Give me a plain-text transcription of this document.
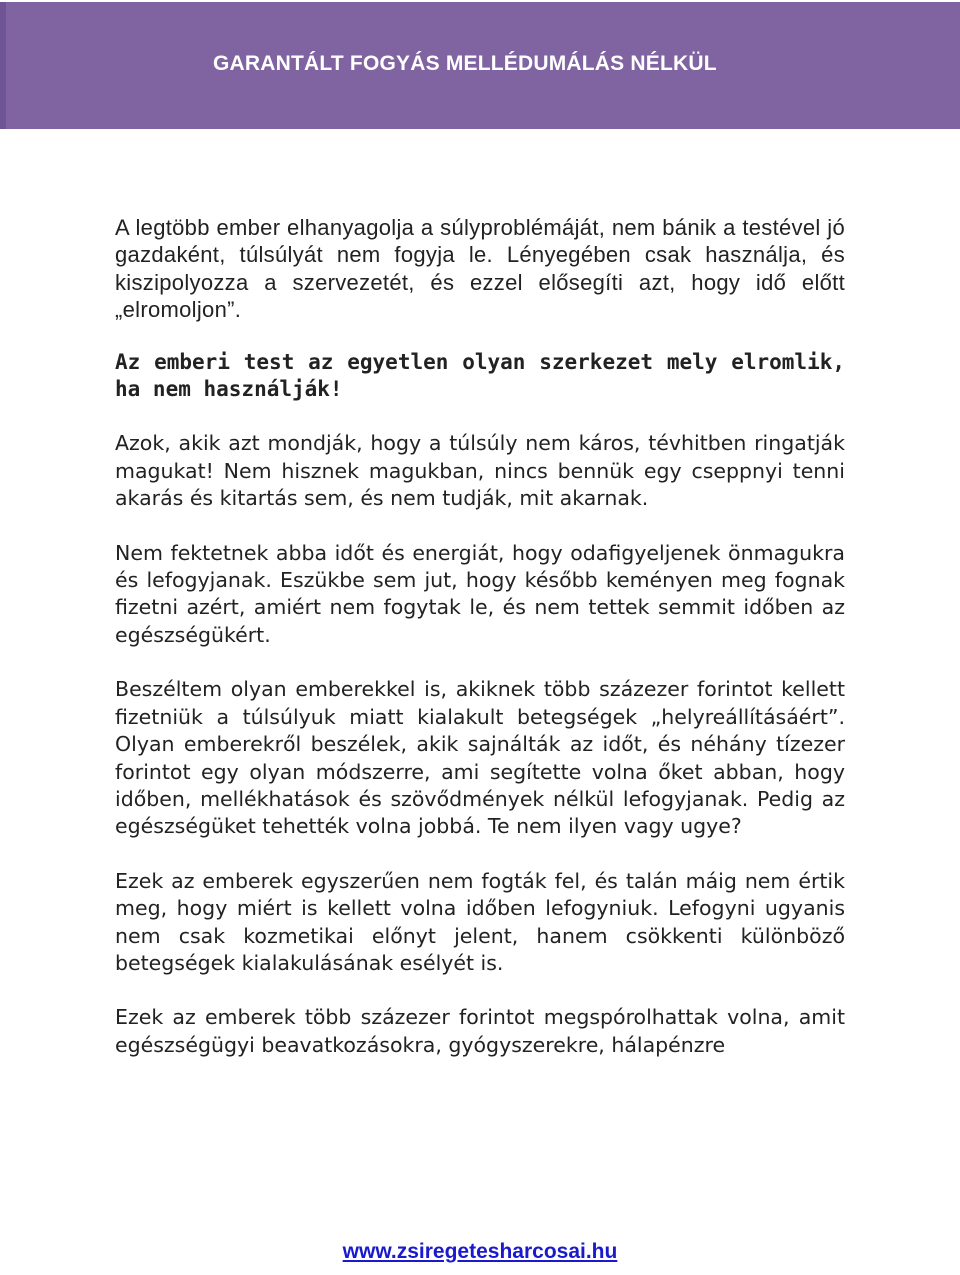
GARANTÁLT FOGYÁS MELLÉDUMÁLÁS NÉLKÜL

A legtöbb ember elhanyagolja a súlyproblémáját, nem bánik a testével jó gazdaként, túlsúlyát nem fogyja le. Lényegében csak használja, és kiszipolyozza a szervezetét, és ezzel elősegíti azt, hogy idő előtt „elromoljon”.

Az emberi test az egyetlen olyan szerkezet mely elromlik, ha nem használják!

Azok, akik azt mondják, hogy a túlsúly nem káros, tévhitben ringatják magukat! Nem hisznek magukban, nincs bennük egy cseppnyi tenni akarás és kitartás sem, és nem tudják, mit akarnak.

Nem fektetnek abba időt és energiát, hogy odafigyeljenek önmagukra és lefogyjanak. Eszükbe sem jut, hogy később keményen meg fognak fizetni azért, amiért nem fogytak le, és nem tettek semmit időben az egészségükért.

Beszéltem olyan emberekkel is, akiknek több százezer forintot kellett fizetniük a túlsúlyuk miatt kialakult betegségek „helyreállításáért”. Olyan emberekről beszélek, akik sajnálták az időt, és néhány tízezer forintot egy olyan módszerre, ami segítette volna őket abban, hogy időben, mellékhatások és szövődmények nélkül lefogyjanak. Pedig az egészségüket tehették volna jobbá. Te nem ilyen vagy ugye?

Ezek az emberek egyszerűen nem fogták fel, és talán máig nem értik meg, hogy miért is kellett volna időben lefogyniuk. Lefogyni ugyanis nem csak kozmetikai előnyt jelent, hanem csökkenti különböző betegségek kialakulásának esélyét is.

Ezek az emberek több százezer forintot megspórolhattak volna, amit egészségügyi beavatkozásokra, gyógyszerekre, hálapénzre

www.zsiregetesharcosai.hu
